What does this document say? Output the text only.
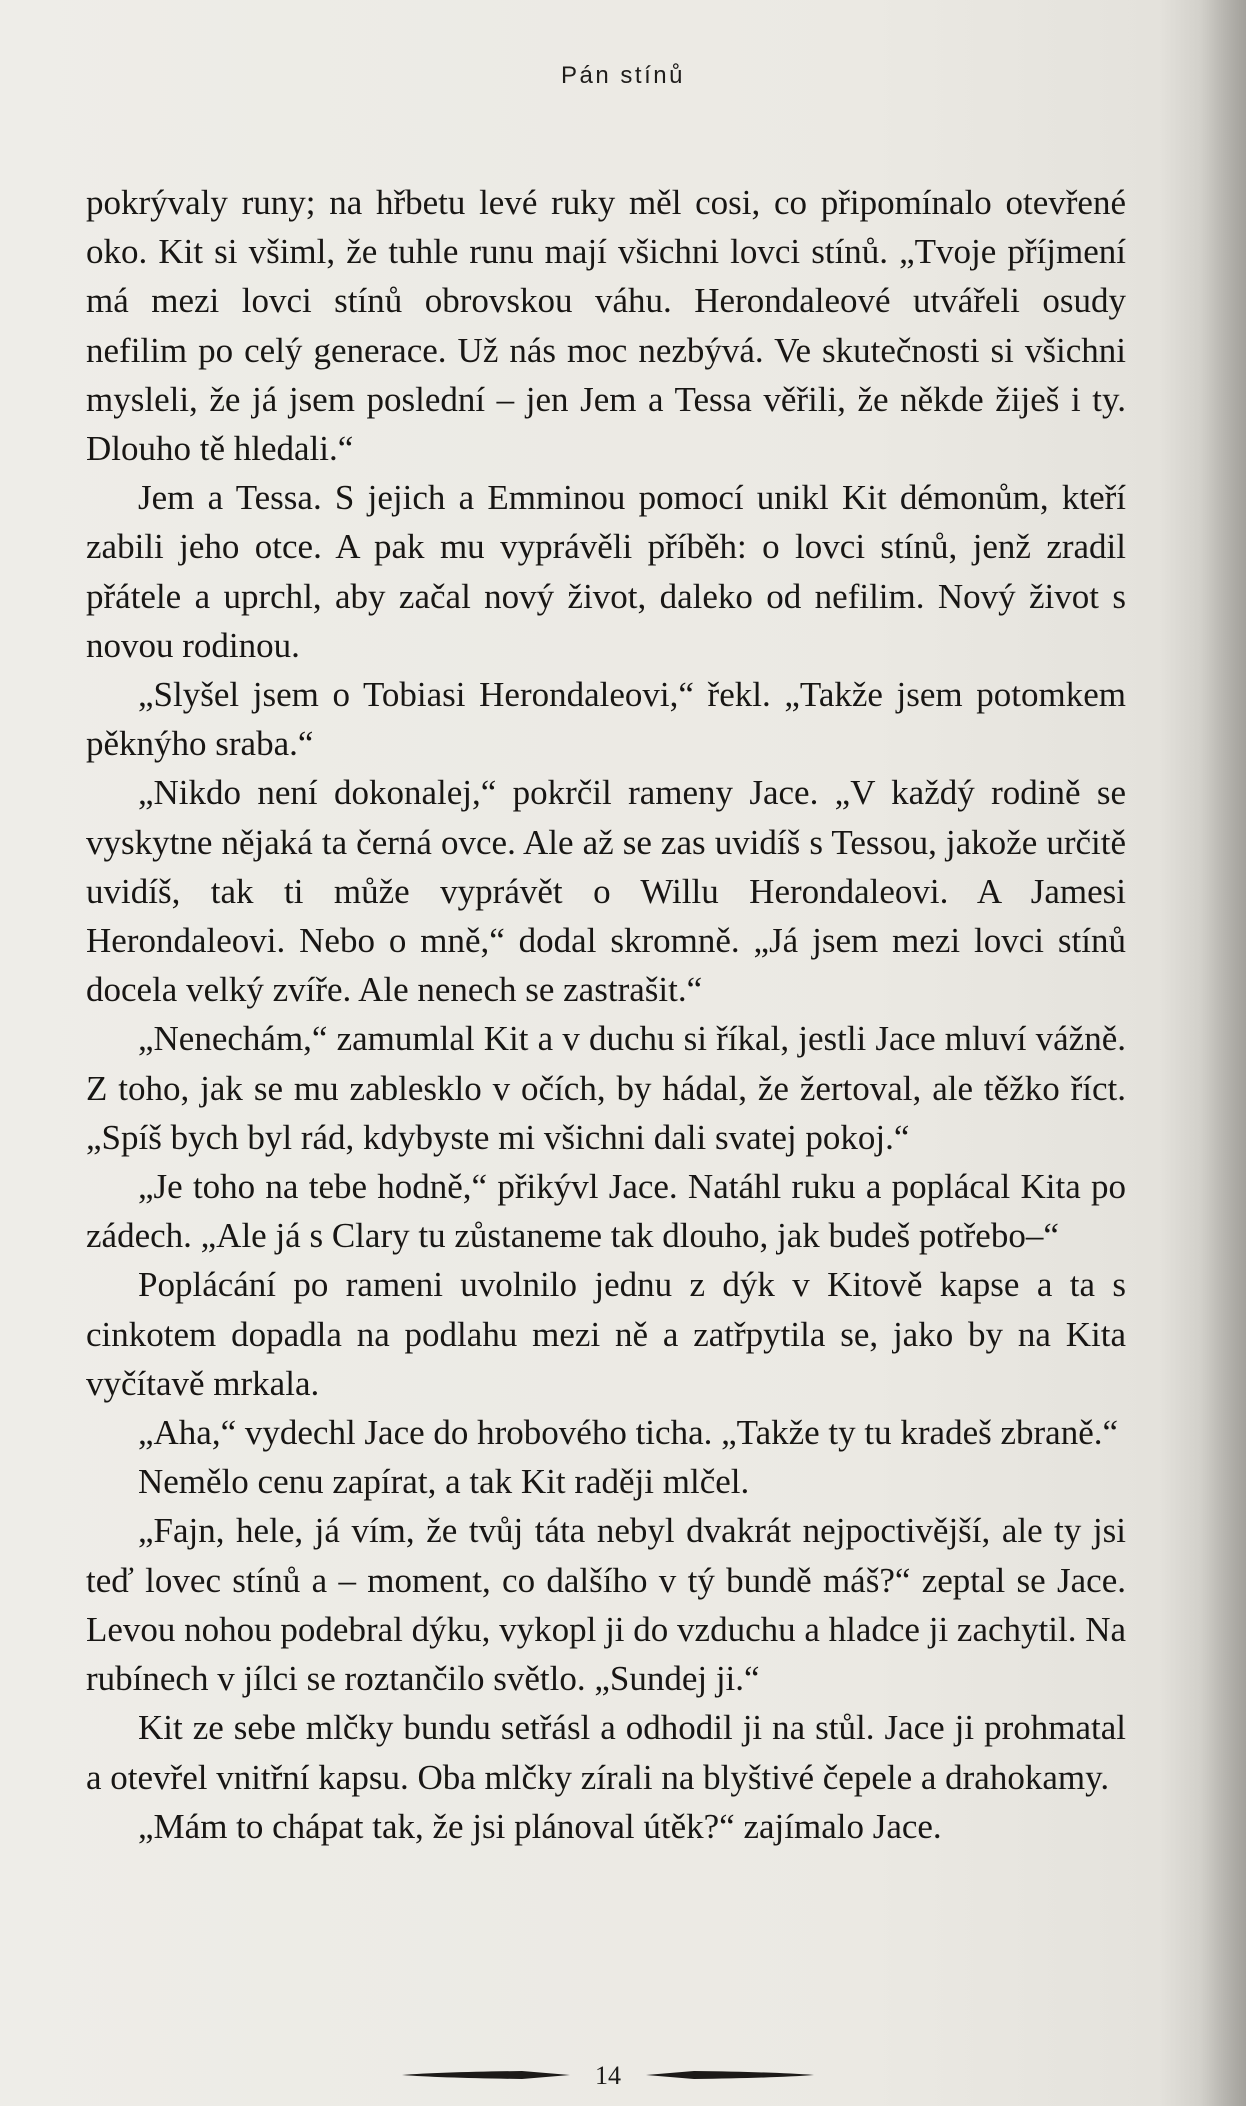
Pán stínů

pokrývaly runy; na hřbetu levé ruky měl cosi, co připomínalo otevřené oko. Kit si všiml, že tuhle runu mají všichni lovci stínů. „Tvoje příjmení má mezi lovci stínů obrovskou váhu. Herondaleové utvářeli osudy nefilim po celý generace. Už nás moc nezbývá. Ve skutečnosti si všichni mysleli, že já jsem poslední – jen Jem a Tessa věřili, že někde žiješ i ty. Dlouho tě hledali.“

Jem a Tessa. S jejich a Emminou pomocí unikl Kit démonům, kteří zabili jeho otce. A pak mu vyprávěli příběh: o lovci stínů, jenž zradil přátele a uprchl, aby začal nový život, daleko od nefilim. Nový život s novou rodinou.

„Slyšel jsem o Tobiasi Herondaleovi,“ řekl. „Takže jsem potomkem pěknýho sraba.“

„Nikdo není dokonalej,“ pokrčil rameny Jace. „V každý rodině se vyskytne nějaká ta černá ovce. Ale až se zas uvidíš s Tessou, jakože určitě uvidíš, tak ti může vyprávět o Willu Herondaleovi. A Jamesi Herondaleovi. Nebo o mně,“ dodal skromně. „Já jsem mezi lovci stínů docela velký zvíře. Ale nenech se zastrašit.“

„Nenechám,“ zamumlal Kit a v duchu si říkal, jestli Jace mluví vážně. Z toho, jak se mu zablesklo v očích, by hádal, že žertoval, ale těžko říct. „Spíš bych byl rád, kdybyste mi všichni dali svatej pokoj.“

„Je toho na tebe hodně,“ přikývl Jace. Natáhl ruku a poplácal Kita po zádech. „Ale já s Clary tu zůstaneme tak dlouho, jak budeš potřebo–“

Poplácání po rameni uvolnilo jednu z dýk v Kitově kapse a ta s cinkotem dopadla na podlahu mezi ně a zatřpytila se, jako by na Kita vyčítavě mrkala.

„Aha,“ vydechl Jace do hrobového ticha. „Takže ty tu kradeš zbraně.“

Nemělo cenu zapírat, a tak Kit raději mlčel.

„Fajn, hele, já vím, že tvůj táta nebyl dvakrát nejpoctivější, ale ty jsi teď lovec stínů a – moment, co dalšího v tý bundě máš?“ zeptal se Jace. Levou nohou podebral dýku, vykopl ji do vzduchu a hladce ji zachytil. Na rubínech v jílci se roztančilo světlo. „Sundej ji.“

Kit ze sebe mlčky bundu setřásl a odhodil ji na stůl. Jace ji prohmatal a otevřel vnitřní kapsu. Oba mlčky zírali na blyštivé čepele a drahokamy.

„Mám to chápat tak, že jsi plánoval útěk?“ zajímalo Jace.

14
